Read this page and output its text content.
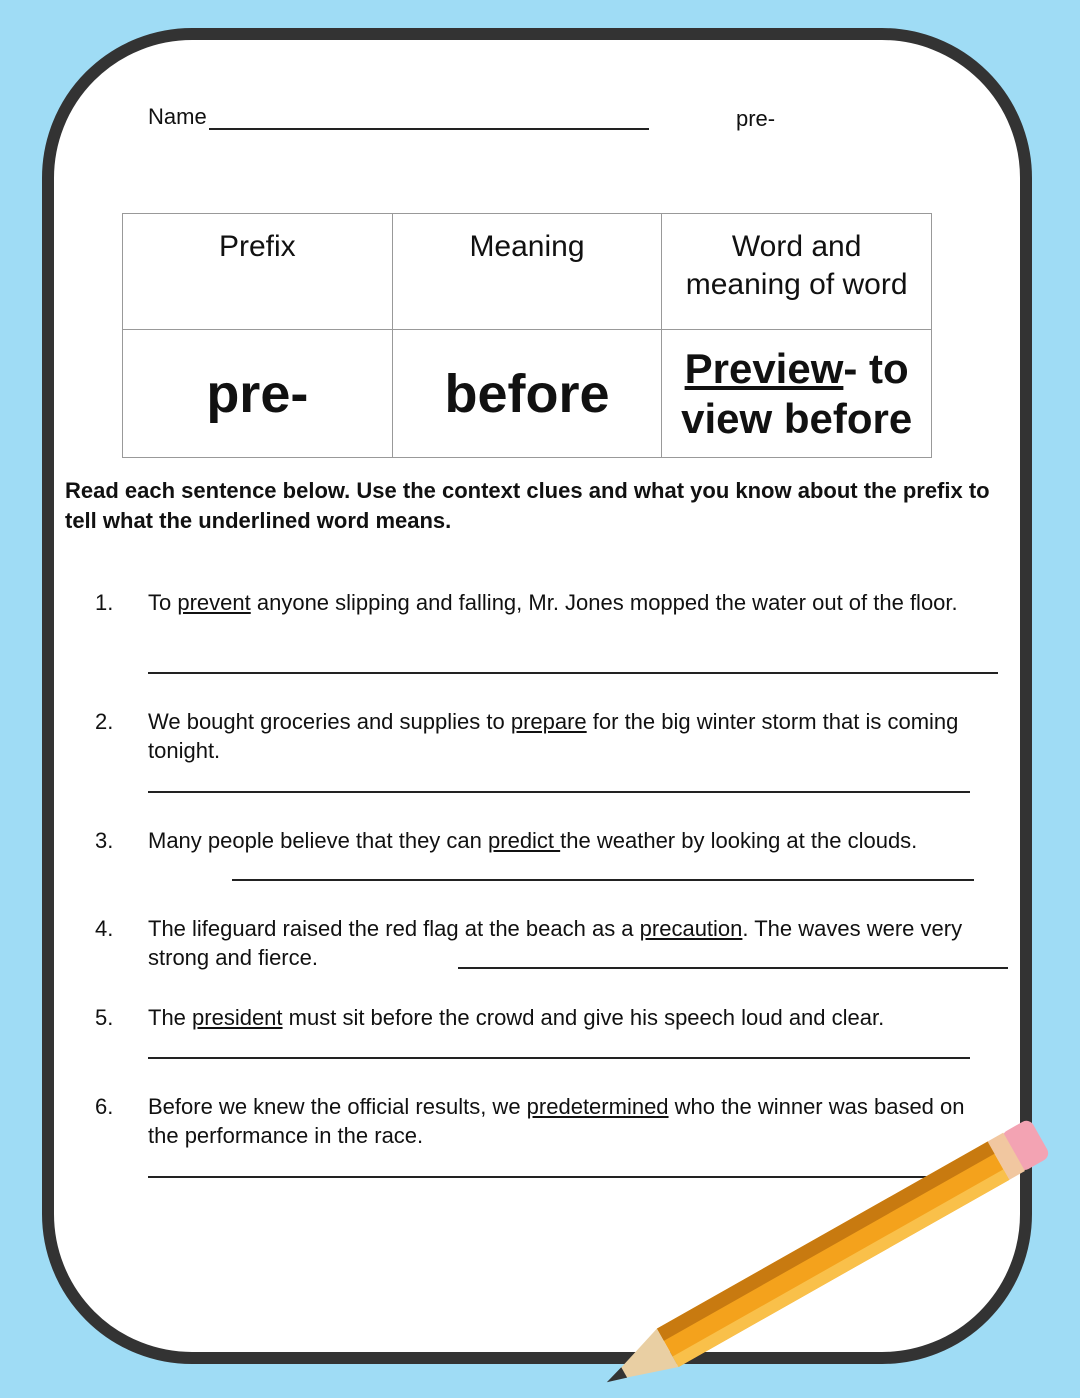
Name	pre-
Prefix	Meaning	Word and meaning of word

pre-	before	Preview- to
view before
Read each sentence below. Use the context clues and what you know about the prefix to tell what the underlined word means.
1. To prevent anyone slipping and falling, Mr. Jones mopped the water out of the floor.
2. We bought groceries and supplies to prepare for the big winter storm that is coming tonight.
3. Many people believe that they can predict the weather by looking at the clouds.
4. The lifeguard raised the red flag at the beach as a precaution. The waves were very strong and fierce.
5. The president must sit before the crowd and give his speech loud and clear.
6. Before we knew the official results, we predetermined who the winner was based on the performance in the race.
